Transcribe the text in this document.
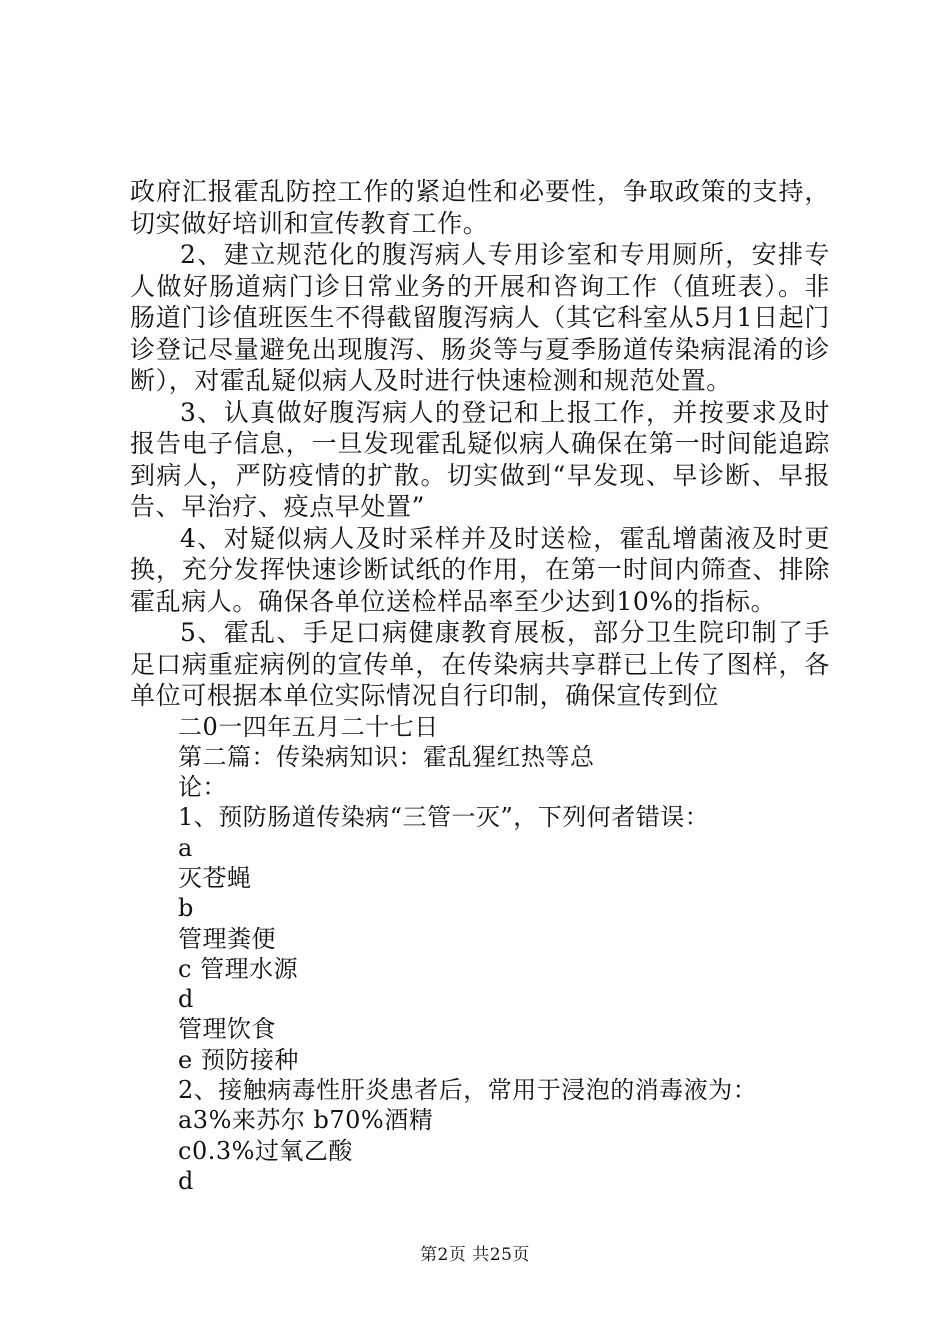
政府汇报霍乱防控工作的紧迫性和必要性，争取政策的支持，切实做好培训和宣传教育工作。

2、建立规范化的腹泻病人专用诊室和专用厕所，安排专人做好肠道病门诊日常业务的开展和咨询工作（值班表）。非肠道门诊值班医生不得截留腹泻病人（其它科室从5月1日起门诊登记尽量避免出现腹泻、肠炎等与夏季肠道传染病混淆的诊断），对霍乱疑似病人及时进行快速检测和规范处置。

3、认真做好腹泻病人的登记和上报工作，并按要求及时报告电子信息，一旦发现霍乱疑似病人确保在第一时间能追踪到病人，严防疫情的扩散。切实做到“早发现、早诊断、早报告、早治疗、疫点早处置”

4、对疑似病人及时采样并及时送检，霍乱增菌液及时更换，充分发挥快速诊断试纸的作用，在第一时间内筛查、排除霍乱病人。确保各单位送检样品率至少达到10%的指标。

5、霍乱、手足口病健康教育展板，部分卫生院印制了手足口病重症病例的宣传单，在传染病共享群已上传了图样，各单位可根据本单位实际情况自行印制，确保宣传到位

二0一四年五月二十七日

第二篇：传染病知识：霍乱猩红热等总

论：

1、预防肠道传染病“三管一灭”，下列何者错误：

a

灭苍蝇

b

管理粪便

c 管理水源

d

管理饮食

e 预防接种

2、接触病毒性肝炎患者后，常用于浸泡的消毒液为：

a3%来苏尔 b70%酒精

c0.3%过氧乙酸

d

第2页 共25页
